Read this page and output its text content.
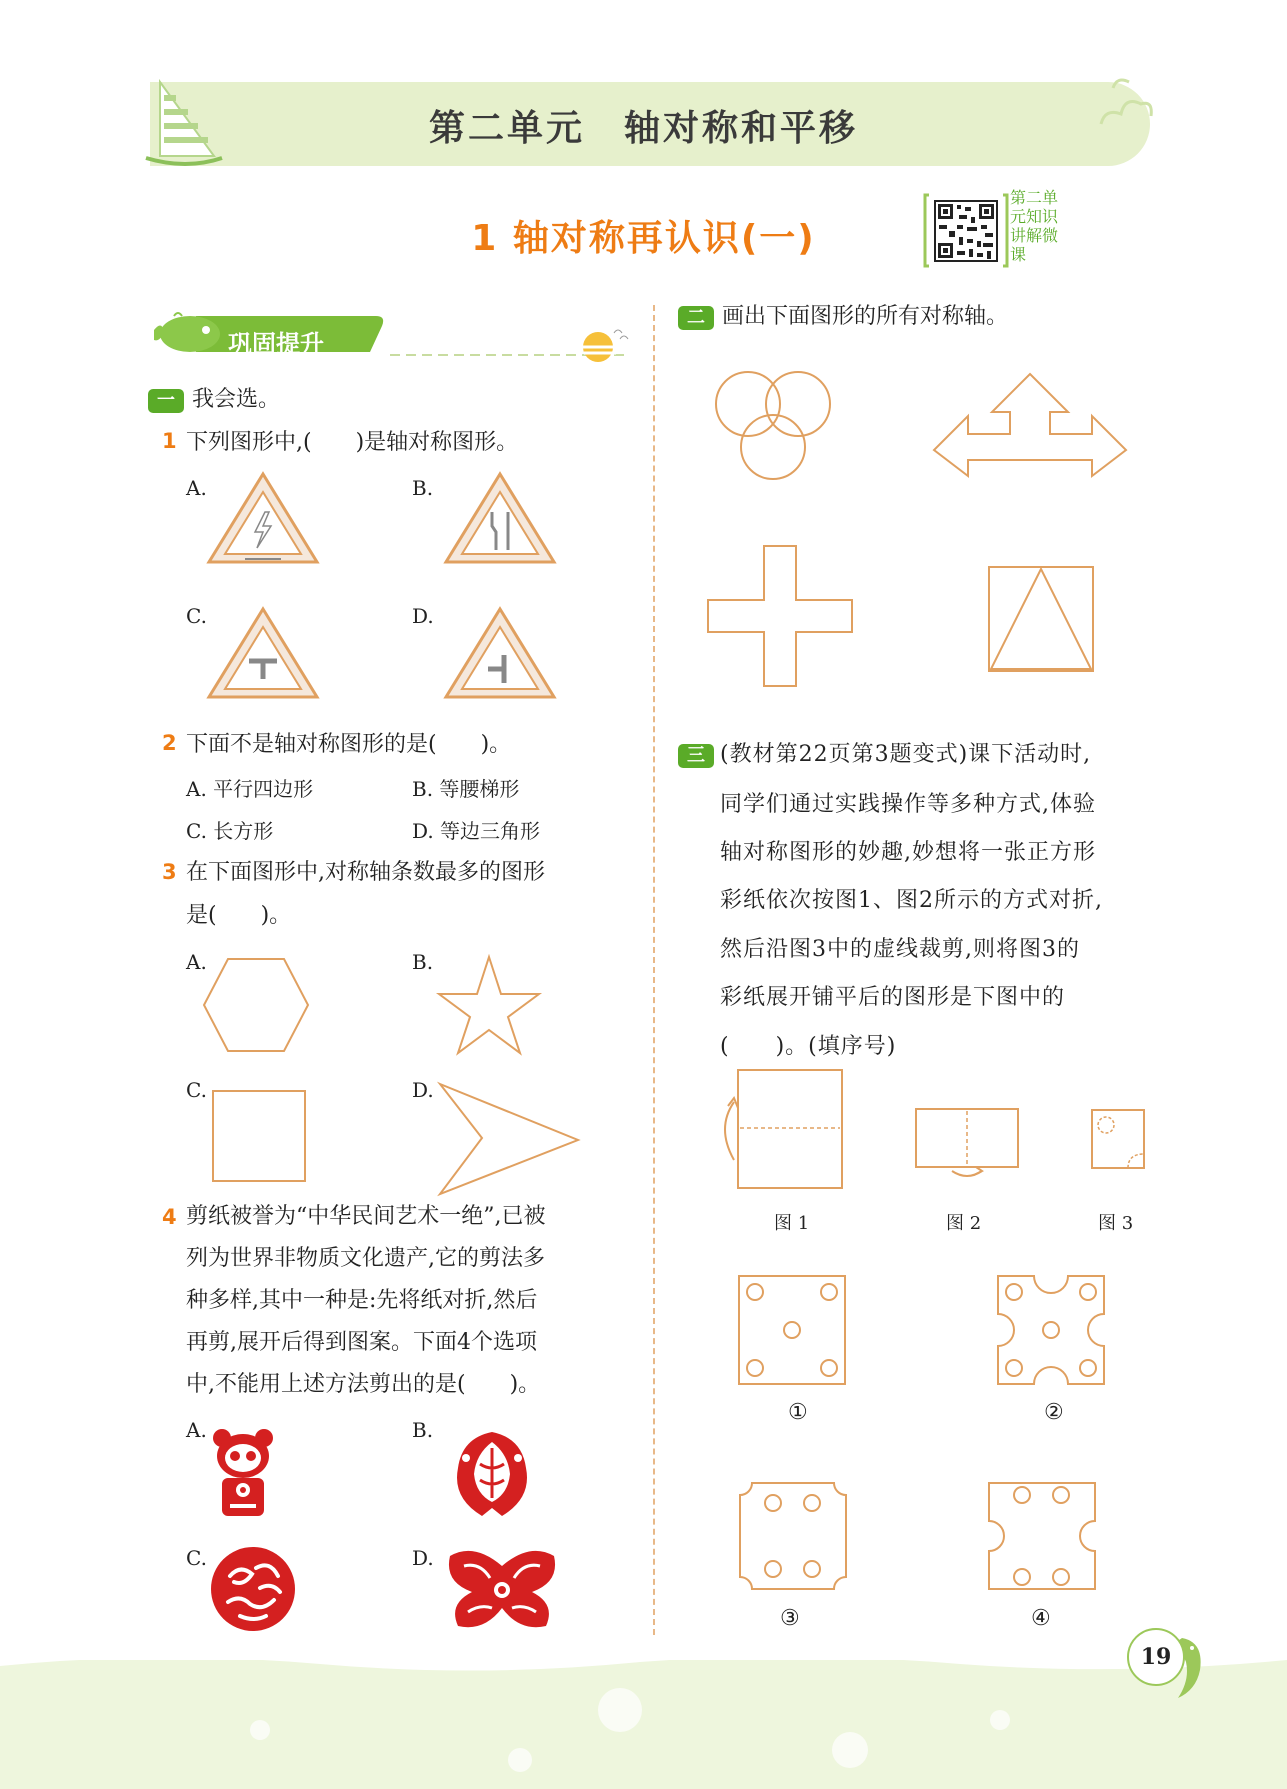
第二单元　轴对称和平移
1 轴对称再认识(一)
第二单元知识讲解微课
巩固提升
一 我会选。
1 下列图形中,(　　)是轴对称图形。
A.	B.
C.	D.
2 下面不是轴对称图形的是(　　)。
A. 平行四边形	B. 等腰梯形
C. 长方形	D. 等边三角形
3 在下面图形中,对称轴条数最多的图形
是(　　)。
A.	B.
C.	D.
4 剪纸被誉为“中华民间艺术一绝”,已被
列为世界非物质文化遗产,它的剪法多
种多样,其中一种是:先将纸对折,然后
再剪,展开后得到图案。下面4个选项
中,不能用上述方法剪出的是(　　)。
A.	B.
C.	D.
二 画出下面图形的所有对称轴。
三 (教材第22页第3题变式)课下活动时,
同学们通过实践操作等多种方式,体验
轴对称图形的妙趣,妙想将一张正方形
彩纸依次按图1、图2所示的方式对折,
然后沿图3中的虚线裁剪,则将图3的
彩纸展开铺平后的图形是下图中的
(　　)。(填序号)
图 1	图 2	图 3
①	②
③	④
19
